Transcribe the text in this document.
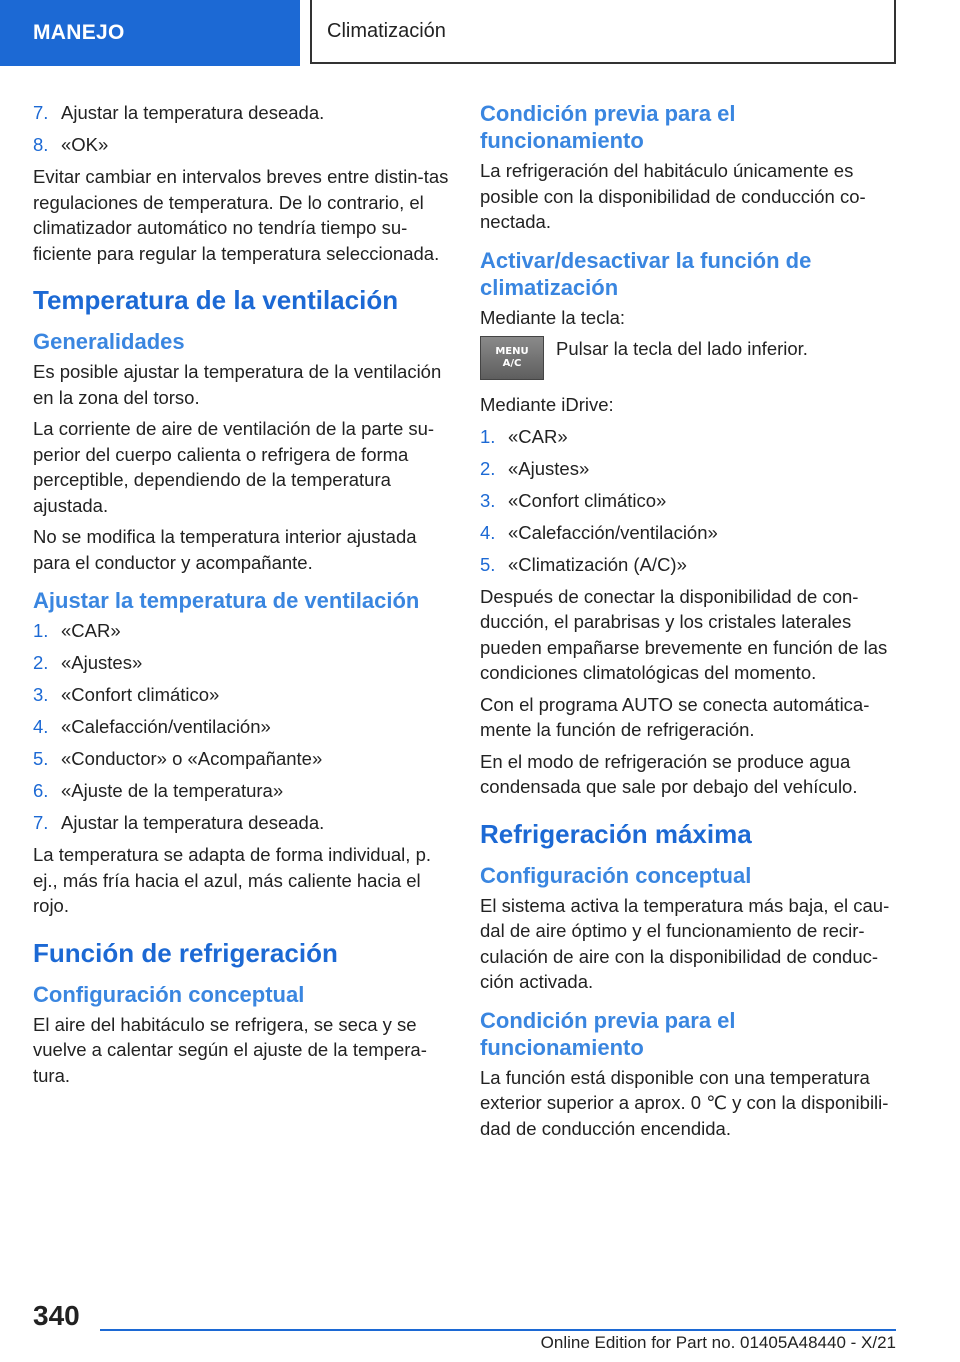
MANEJO	Climatización
7. Ajustar la temperatura deseada.
8. «OK»

Evitar cambiar en intervalos breves entre distin-tas regulaciones de temperatura. De lo contrario, el climatizador automático no tendría tiempo su-ficiente para regular la temperatura seleccionada.

Temperatura de la ventilación
Generalidades

Es posible ajustar la temperatura de la ventilación en la zona del torso.

La corriente de aire de ventilación de la parte su-perior del cuerpo calienta o refrigera de forma perceptible, dependiendo de la temperatura ajustada.

No se modifica la temperatura interior ajustada para el conductor y acompañante.

Ajustar la temperatura de ventilación
1. «CAR»
2. «Ajustes»
3. «Confort climático»
4. «Calefacción/ventilación»
5. «Conductor» o «Acompañante»
6. «Ajuste de la temperatura»
7. Ajustar la temperatura deseada.

La temperatura se adapta de forma individual, p. ej., más fría hacia el azul, más caliente hacia el rojo.

Función de refrigeración
Configuración conceptual

El aire del habitáculo se refrigera, se seca y se vuelve a calentar según el ajuste de la tempera-tura.

Condición previa para el funcionamiento

La refrigeración del habitáculo únicamente es posible con la disponibilidad de conducción co-nectada.

Activar/desactivar la función de climatización

Mediante la tecla:

MENU
A/C
Pulsar la tecla del lado inferior.

Mediante iDrive:

1. «CAR»
2. «Ajustes»
3. «Confort climático»
4. «Calefacción/ventilación»
5. «Climatización (A/C)»

Después de conectar la disponibilidad de con-ducción, el parabrisas y los cristales laterales pueden empañarse brevemente en función de las condiciones climatológicas del momento.

Con el programa AUTO se conecta automática-mente la función de refrigeración.

En el modo de refrigeración se produce agua condensada que sale por debajo del vehículo.

Refrigeración máxima
Configuración conceptual

El sistema activa la temperatura más baja, el cau-dal de aire óptimo y el funcionamiento de recir-culación de aire con la disponibilidad de conduc-ción activada.

Condición previa para el funcionamiento

La función está disponible con una temperatura exterior superior a aprox. 0 ℃ y con la disponibili-dad de conducción encendida.

340
Online Edition for Part no. 01405A48440 - X/21
